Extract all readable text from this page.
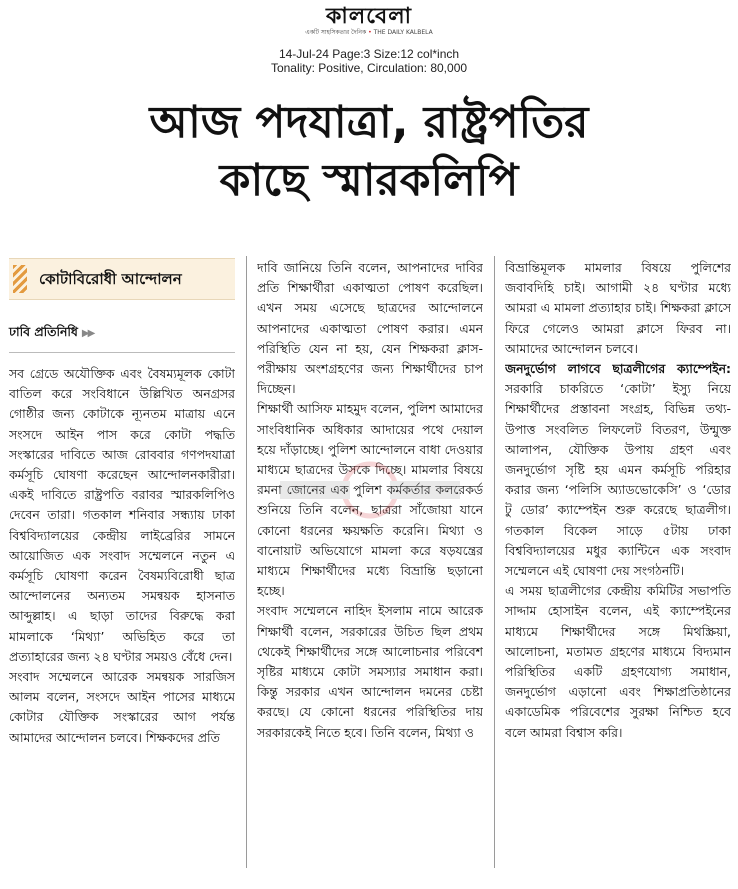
কালবেলা
একটি সাহসিকতার দৈনিক • THE DAILY KALBELA
14-Jul-24 Page:3 Size:12 col*inch
Tonality: Positive, Circulation: 80,000
আজ পদযাত্রা, রাষ্ট্রপতির
কাছে স্মারকলিপি
কোটাবিরোধী আন্দোলন
ঢাবি প্রতিনিধি ▶▶

সব গ্রেডে অযৌক্তিক এবং বৈষম্যমূলক কোটা বাতিল করে সংবিধানে উল্লিখিত অনগ্রসর গোষ্ঠীর জন্য কোটাকে ন্যূনতম মাত্রায় এনে সংসদে আইন পাস করে কোটা পদ্ধতি সংস্কারের দাবিতে আজ রোববার গণপদযাত্রা কর্মসূচি ঘোষণা করেছেন আন্দোলনকারীরা। একই দাবিতে রাষ্ট্রপতি বরাবর স্মারকলিপিও দেবেন তারা। গতকাল শনিবার সন্ধ্যায় ঢাকা বিশ্ববিদ্যালয়ের কেন্দ্রীয় লাইব্রেরির সামনে আয়োজিত এক সংবাদ সম্মেলনে নতুন এ কর্মসূচি ঘোষণা করেন বৈষম্যবিরোধী ছাত্র আন্দোলনের অন্যতম সমন্বয়ক হাসনাত আব্দুল্লাহ। এ ছাড়া তাদের বিরুদ্ধে করা মামলাকে ‘মিথ্যা’ অভিহিত করে তা প্রত্যাহারের জন্য ২৪ ঘণ্টার সময়ও বেঁধে দেন।

সংবাদ সম্মেলনে আরেক সমন্বয়ক সারজিস আলম বলেন, সংসদে আইন পাসের মাধ্যমে কোটার যৌক্তিক সংস্কারের আগ পর্যন্ত আমাদের আন্দোলন চলবে। শিক্ষকদের প্রতি

দাবি জানিয়ে তিনি বলেন, আপনাদের দাবির প্রতি শিক্ষার্থীরা একাত্মতা পোষণ করেছিল। এখন সময় এসেছে ছাত্রদের আন্দোলনে আপনাদের একাত্মতা পোষণ করার। এমন পরিস্থিতি যেন না হয়, যেন শিক্ষকরা ক্লাস-পরীক্ষায় অংশগ্রহণের জন্য শিক্ষার্থীদের চাপ দিচ্ছেন।

শিক্ষার্থী আসিফ মাহমুদ বলেন, পুলিশ আমাদের সাংবিধানিক অধিকার আদায়ের পথে দেয়াল হয়ে দাঁড়াচ্ছে। পুলিশ আন্দোলনে বাধা দেওয়ার মাধ্যমে ছাত্রদের উসকে দিচ্ছে। মামলার বিষয়ে রমনা জোনের এক পুলিশ কর্মকর্তার কলরেকর্ড শুনিয়ে তিনি বলেন, ছাত্ররা সাঁজোয়া যানে কোনো ধরনের ক্ষয়ক্ষতি করেনি। মিথ্যা ও বানোয়াট অভিযোগে মামলা করে ষড়যন্ত্রের মাধ্যমে শিক্ষার্থীদের মধ্যে বিভ্রান্তি ছড়ানো হচ্ছে।

সংবাদ সম্মেলনে নাহিদ ইসলাম নামে আরেক শিক্ষার্থী বলেন, সরকারের উচিত ছিল প্রথম থেকেই শিক্ষার্থীদের সঙ্গে আলোচনার পরিবেশ সৃষ্টির মাধ্যমে কোটা সমস্যার সমাধান করা। কিন্তু সরকার এখন আন্দোলন দমনের চেষ্টা করছে। যে কোনো ধরনের পরিস্থিতির দায় সরকারকেই নিতে হবে। তিনি বলেন, মিথ্যা ও

বিভ্রান্তিমূলক মামলার বিষয়ে পুলিশের জবাবদিহি চাই। আগামী ২৪ ঘণ্টার মধ্যে আমরা এ মামলা প্রত্যাহার চাই। শিক্ষকরা ক্লাসে ফিরে গেলেও আমরা ক্লাসে ফিরব না। আমাদের আন্দোলন চলবে।

জনদুর্ভোগ লাগবে ছাত্রলীগের ক্যাম্পেইন: সরকারি চাকরিতে ‘কোটা’ ইস্যু নিয়ে শিক্ষার্থীদের প্রস্তাবনা সংগ্রহ, বিভিন্ন তথ্য-উপাত্ত সংবলিত লিফলেট বিতরণ, উন্মুক্ত আলাপন, যৌক্তিক উপায় গ্রহণ এবং জনদুর্ভোগ সৃষ্টি হয় এমন কর্মসূচি পরিহার করার জন্য ‘পলিসি অ্যাডভোকেসি’ ও ‘ডোর টু ডোর’ ক্যাম্পেইন শুরু করেছে ছাত্রলীগ। গতকাল বিকেল সাড়ে ৫টায় ঢাকা বিশ্ববিদ্যালয়ের মধুর ক্যান্টিনে এক সংবাদ সম্মেলনে এই ঘোষণা দেয় সংগঠনটি।

এ সময় ছাত্রলীগের কেন্দ্রীয় কমিটির সভাপতি সাদ্দাম হোসাইন বলেন, এই ক্যাম্পেইনের মাধ্যমে শিক্ষার্থীদের সঙ্গে মিথস্ক্রিয়া, আলোচনা, মতামত গ্রহণের মাধ্যমে বিদ্যমান পরিস্থিতির একটি গ্রহণযোগ্য সমাধান, জনদুর্ভোগ এড়ানো এবং শিক্ষাপ্রতিষ্ঠানের একাডেমিক পরিবেশের সুরক্ষা নিশ্চিত হবে বলে আমরা বিশ্বাস করি।
